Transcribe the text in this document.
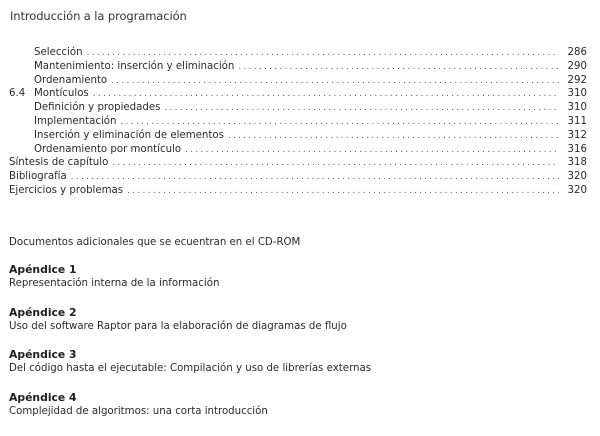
Introducción a la programación
Selección . . .	286
Mantenimiento: inserción y eliminación . . .	290
Ordenamiento . . .	292
6.4 Montículos . . .	310
Definición y propiedades . . .	310
Implementación . . .	311
Inserción y eliminación de elementos . . .	312
Ordenamiento por montículo . . .	316
Síntesis de capítulo . . .	318
Bibliografía . . .	320
Ejercicios y problemas . . .	320
Documentos adicionales que se ecuentran en el CD-ROM
Apéndice 1
Representación interna de la información
Apéndice 2
Uso del software Raptor para la elaboración de diagramas de flujo
Apéndice 3
Del código hasta el ejecutable: Compilación y uso de librerías externas
Apéndice 4
Complejidad de algoritmos: una corta introducción
